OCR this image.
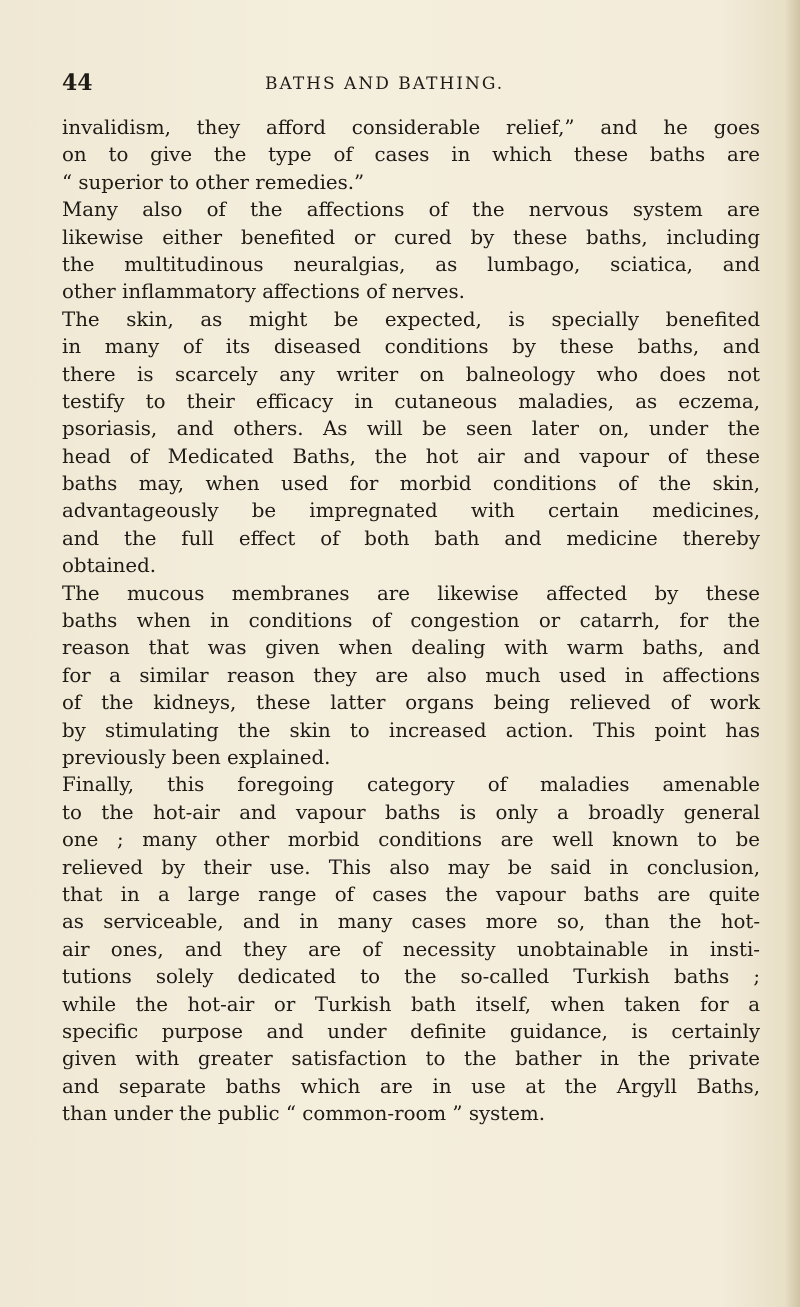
44	BATHS AND BATHING.
invalidism, they afford considerable relief,” and he goes
on to give the type of cases in which these baths are
“ superior to other remedies.”
Many also of the affections of the nervous system are
likewise either benefited or cured by these baths, including
the multitudinous neuralgias, as lumbago, sciatica, and
other inflammatory affections of nerves.
The skin, as might be expected, is specially benefited
in many of its diseased conditions by these baths, and
there is scarcely any writer on balneology who does not
testify to their efficacy in cutaneous maladies, as eczema,
psoriasis, and others. As will be seen later on, under the
head of Medicated Baths, the hot air and vapour of these
baths may, when used for morbid conditions of the skin,
advantageously be impregnated with certain medicines,
and the full effect of both bath and medicine thereby
obtained.
The mucous membranes are likewise affected by these
baths when in conditions of congestion or catarrh, for the
reason that was given when dealing with warm baths, and
for a similar reason they are also much used in affections
of the kidneys, these latter organs being relieved of work
by stimulating the skin to increased action. This point has
previously been explained.
Finally, this foregoing category of maladies amenable
to the hot-air and vapour baths is only a broadly general
one ; many other morbid conditions are well known to be
relieved by their use. This also may be said in conclusion,
that in a large range of cases the vapour baths are quite
as serviceable, and in many cases more so, than the hot-
air ones, and they are of necessity unobtainable in insti-
tutions solely dedicated to the so-called Turkish baths ;
while the hot-air or Turkish bath itself, when taken for a
specific purpose and under definite guidance, is certainly
given with greater satisfaction to the bather in the private
and separate baths which are in use at the Argyll Baths,
than under the public “ common-room ” system.
